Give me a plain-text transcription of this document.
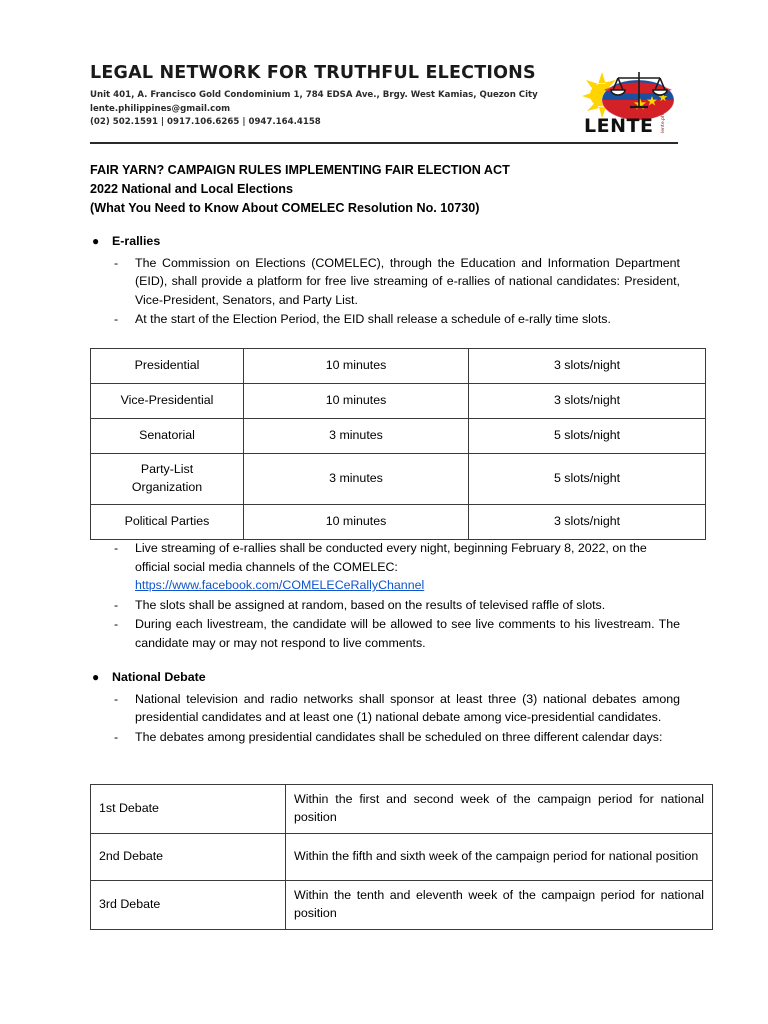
LEGAL NETWORK FOR TRUTHFUL ELECTIONS
Unit 401, A. Francisco Gold Condominium 1, 784 EDSA Ave., Brgy. West Kamias, Quezon City
lente.philippines@gmail.com
(02) 502.1591 | 0917.106.6265 | 0947.164.4158	LENTE lente.ph
FAIR YARN? CAMPAIGN RULES IMPLEMENTING FAIR ELECTION ACT
2022 National and Local Elections
(What You Need to Know About COMELEC Resolution No. 10730)
● E-rallies
- The Commission on Elections (COMELEC), through the Education and Information Department (EID), shall provide a platform for free live streaming of e-rallies of national candidates: President, Vice-President, Senators, and Party List.
- At the start of the Election Period, the EID shall release a schedule of e-rally time slots.
Presidential	10 minutes	3 slots/night
Vice-Presidential	10 minutes	3 slots/night
Senatorial	3 minutes	5 slots/night

Party-List
Organization	3 minutes	5 slots/night
Political Parties	10 minutes	3 slots/night
- Live streaming of e-rallies shall be conducted every night, beginning February 8, 2022, on the official social media channels of the COMELEC:
https://www.facebook.com/COMELECeRallyChannel
- The slots shall be assigned at random, based on the results of televised raffle of slots.
- During each livestream, the candidate will be allowed to see live comments to his livestream. The candidate may or may not respond to live comments.
● National Debate
- National television and radio networks shall sponsor at least three (3) national debates among presidential candidates and at least one (1) national debate among vice-presidential candidates.
- The debates among presidential candidates shall be scheduled on three different calendar days:
1st Debate	Within the first and second week of the campaign period for national position
2nd Debate	Within the fifth and sixth week of the campaign period for national position
3rd Debate	Within the tenth and eleventh week of the campaign period for national position
